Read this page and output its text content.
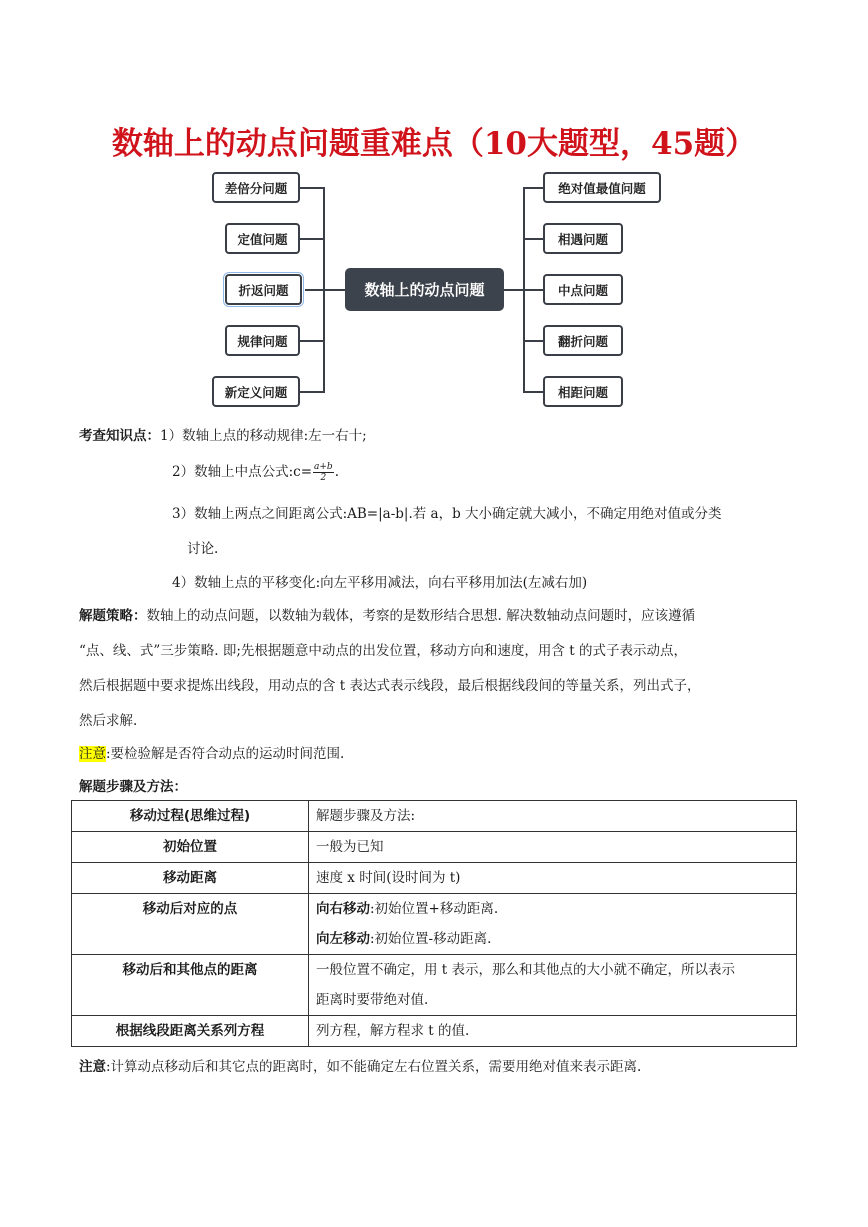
数轴上的动点问题重难点（10大题型，45题）
差倍分问题
定值问题
折返问题
规律问题
新定义问题
数轴上的动点问题
绝对值最值问题
相遇问题
中点问题
翻折问题
相距问题
考查知识点：1）数轴上点的移动规律:左一右十;
2）数轴上中点公式:c= $\frac{a+b}{2}$ .
3）数轴上两点之间距离公式:AB=|a-b|.若 a，b 大小确定就大减小，不确定用绝对值或分类
讨论.
4）数轴上点的平移变化:向左平移用减法，向右平移用加法(左减右加)
解题策略：数轴上的动点问题，以数轴为载体，考察的是数形结合思想. 解决数轴动点问题时，应该遵循
“点、线、式”三步策略. 即;先根据题意中动点的出发位置，移动方向和速度，用含 t 的式子表示动点，
然后根据题中要求提炼出线段，用动点的含 t 表达式表示线段，最后根据线段间的等量关系，列出式子，
然后求解.
注意:要检验解是否符合动点的运动时间范围.
解题步骤及方法：
移动过程(思维过程)	解题步骤及方法:

初始位置	一般为已知

移动距离	速度 x 时间(设时间为 t)

移动后对应的点	向右移动:初始位置+移动距离.
向左移动:初始位置-移动距离.

移动后和其他点的距离	一般位置不确定，用 t 表示，那么和其他点的大小就不确定，所以表示
距离时要带绝对值.

根据线段距离关系列方程	列方程，解方程求 t 的值.
注意:计算动点移动后和其它点的距离时，如不能确定左右位置关系，需要用绝对值来表示距离.
